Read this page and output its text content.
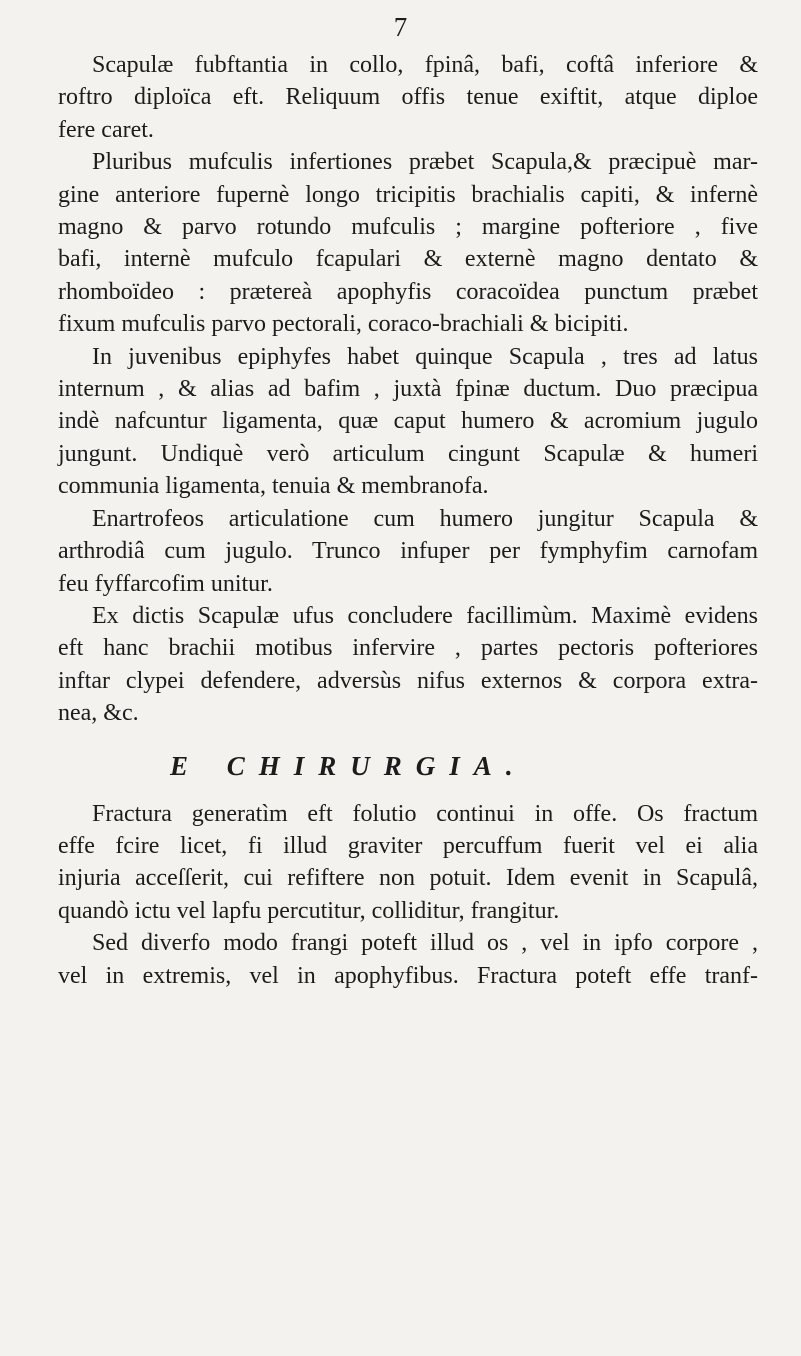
7

Scapulæ fubftantia in collo, fpinâ, bafi, coftâ inferiore &
roftro diploïca eft. Reliquum offis tenue exiftit, atque diploe
fere caret.

Pluribus mufculis infertiones præbet Scapula,& præcipuè mar-
gine anteriore fupernè longo tricipitis brachialis capiti, & infernè
magno & parvo rotundo mufculis ; margine pofteriore , five
bafi, internè mufculo fcapulari & externè magno dentato &
rhomboïdeo : prætereà apophyfis coracoïdea punctum præbet
fixum mufculis parvo pectorali, coraco-brachiali & bicipiti.

In juvenibus epiphyfes habet quinque Scapula , tres ad latus
internum , & alias ad bafim , juxtà fpinæ ductum. Duo præcipua
indè nafcuntur ligamenta, quæ caput humero & acromium jugulo
jungunt. Undiquè verò articulum cingunt Scapulæ & humeri
communia ligamenta, tenuia & membranofa.

Enartrofeos articulatione cum humero jungitur Scapula &
arthrodiâ cum jugulo. Trunco infuper per fymphyfim carnofam
feu fyffarcofim unitur.

Ex dictis Scapulæ ufus concludere facillimùm. Maximè evidens
eft hanc brachii motibus infervire , partes pectoris pofteriores
inftar clypei defendere, adversùs nifus externos & corpora extra-
nea, &c.

E CHIRURGIA.

Fractura generatìm eft folutio continui in offe. Os fractum
effe fcire licet, fi illud graviter percuffum fuerit vel ei alia
injuria acceſſerit, cui refiftere non potuit. Idem evenit in Scapulâ,
quandò ictu vel lapfu percutitur, colliditur, frangitur.

Sed diverfo modo frangi poteft illud os , vel in ipfo corpore ,
vel in extremis, vel in apophyfibus. Fractura poteft effe tranf-
